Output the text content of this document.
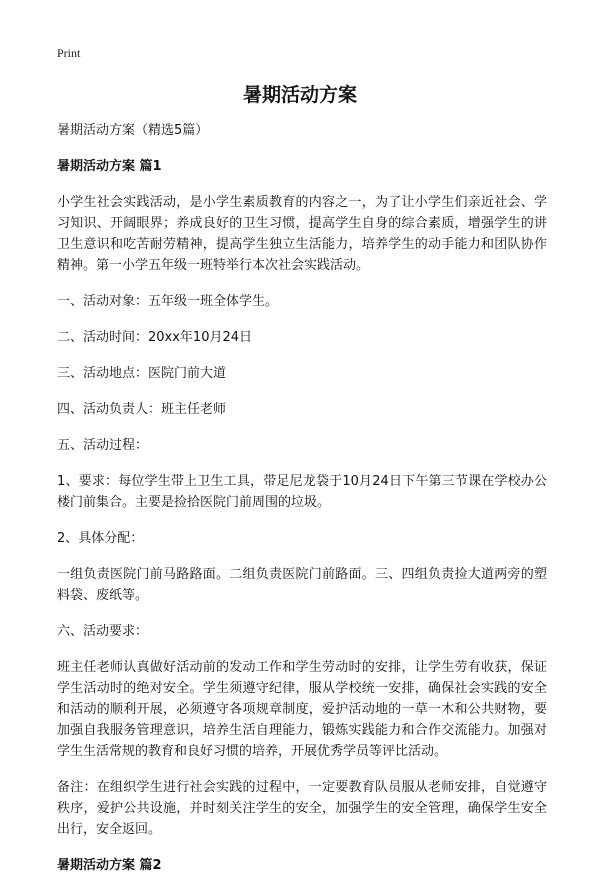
Print
暑期活动方案

暑期活动方案（精选5篇）

暑期活动方案 篇1

小学生社会实践活动，是小学生素质教育的内容之一，为了让小学生们亲近社会、学习知识、开阔眼界；养成良好的卫生习惯，提高学生自身的综合素质，增强学生的讲卫生意识和吃苦耐劳精神，提高学生独立生活能力，培养学生的动手能力和团队协作精神。第一小学五年级一班特举行本次社会实践活动。

一、活动对象：五年级一班全体学生。

二、活动时间：20xx年10月24日

三、活动地点：医院门前大道

四、活动负责人：班主任老师

五、活动过程：

1、要求：每位学生带上卫生工具，带足尼龙袋于10月24日下午第三节课在学校办公楼门前集合。主要是捡拾医院门前周围的垃圾。

2、具体分配：

一组负责医院门前马路路面。二组负责医院门前路面。三、四组负责捡大道两旁的塑料袋、废纸等。

六、活动要求：

班主任老师认真做好活动前的发动工作和学生劳动时的安排，让学生劳有收获，保证学生活动时的绝对安全。学生须遵守纪律，服从学校统一安排，确保社会实践的安全和活动的顺利开展，必须遵守各项规章制度，爱护活动地的一草一木和公共财物，要加强自我服务管理意识，培养生活自理能力，锻炼实践能力和合作交流能力。加强对学生生活常规的教育和良好习惯的培养，开展优秀学员等评比活动。

备注：在组织学生进行社会实践的过程中，一定要教育队员服从老师安排，自觉遵守秩序，爱护公共设施，并时刻关注学生的安全，加强学生的安全管理，确保学生安全出行，安全返回。

暑期活动方案 篇2
